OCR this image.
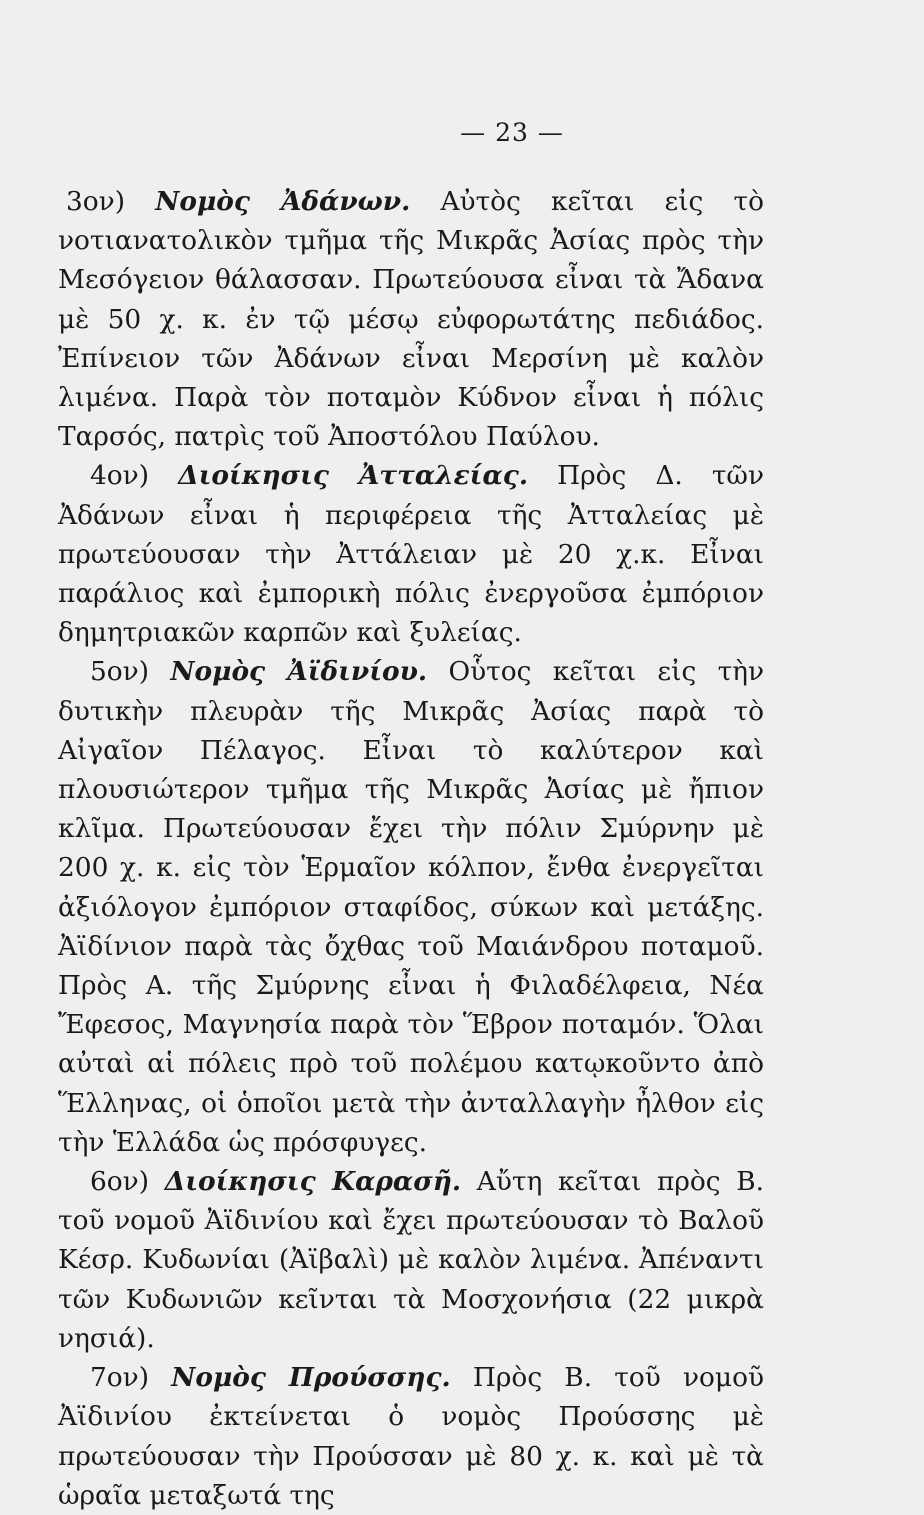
— 23 —

3ον) Νομὸς Ἀδάνων. Αὐτὸς κεῖται εἰς τὸ νοτιανατολικὸν τμῆμα τῆς Μικρᾶς Ἀσίας πρὸς τὴν Μεσόγειον θάλασσαν. Πρωτεύουσα εἶναι τὰ Ἄδανα μὲ 50 χ. κ. ἐν τῷ μέσῳ εὐφορωτάτης πεδιάδος. Ἐπίνειον τῶν Ἀδάνων εἶναι Μερσίνη μὲ καλὸν λιμένα. Παρὰ τὸν ποταμὸν Κύδνον εἶναι ἡ πόλις Ταρσός, πατρὶς τοῦ Ἀποστόλου Παύλου.

4ον) Διοίκησις Ἀτταλείας. Πρὸς Δ. τῶν Ἀδάνων εἶναι ἡ περιφέρεια τῆς Ἀτταλείας μὲ πρωτεύουσαν τὴν Ἀττάλειαν μὲ 20 χ.κ. Εἶναι παράλιος καὶ ἐμπορικὴ πόλις ἐνεργοῦσα ἐμπόριον δημητριακῶν καρπῶν καὶ ξυλείας.

5ον) Νομὸς Ἀϊδινίου. Οὗτος κεῖται εἰς τὴν δυτικὴν πλευρὰν τῆς Μικρᾶς Ἀσίας παρὰ τὸ Αἰγαῖον Πέλαγος. Εἶναι τὸ καλύτερον καὶ πλουσιώτερον τμῆμα τῆς Μικρᾶς Ἀσίας μὲ ἤπιον κλῖμα. Πρωτεύουσαν ἔχει τὴν πόλιν Σμύρνην μὲ 200 χ. κ. εἰς τὸν Ἑρμαῖον κόλπον, ἔνθα ἐνεργεῖται ἀξιόλογον ἐμπόριον σταφίδος, σύκων καὶ μετάξης. Ἀϊδίνιον παρὰ τὰς ὄχθας τοῦ Μαιάνδρου ποταμοῦ. Πρὸς Α. τῆς Σμύρνης εἶναι ἡ Φιλαδέλφεια, Νέα Ἔφεσος, Μαγνησία παρὰ τὸν Ἕβρον ποταμόν. Ὅλαι αὐταὶ αἱ πόλεις πρὸ τοῦ πολέμου κατῳκοῦντο ἀπὸ Ἕλληνας, οἱ ὁποῖοι μετὰ τὴν ἀνταλλαγὴν ἦλθον εἰς τὴν Ἑλλάδα ὡς πρόσφυγες.

6ον) Διοίκησις Καρασῆ. Αὔτη κεῖται πρὸς Β. τοῦ νομοῦ Ἀϊδινίου καὶ ἔχει πρωτεύουσαν τὸ Βαλοῦ Κέσρ. Κυδωνίαι (Ἀϊβαλὶ) μὲ καλὸν λιμένα. Ἀπέναντι τῶν Κυδωνιῶν κεῖνται τὰ Μοσχονήσια (22 μικρὰ νησιά).

7ον) Νομὸς Προύσσης. Πρὸς Β. τοῦ νομοῦ Ἀϊδινίου ἐκτείνεται ὁ νομὸς Προύσσης μὲ πρωτεύουσαν τὴν Προύσσαν μὲ 80 χ. κ. καὶ μὲ τὰ ὡραῖα μεταξωτά της
